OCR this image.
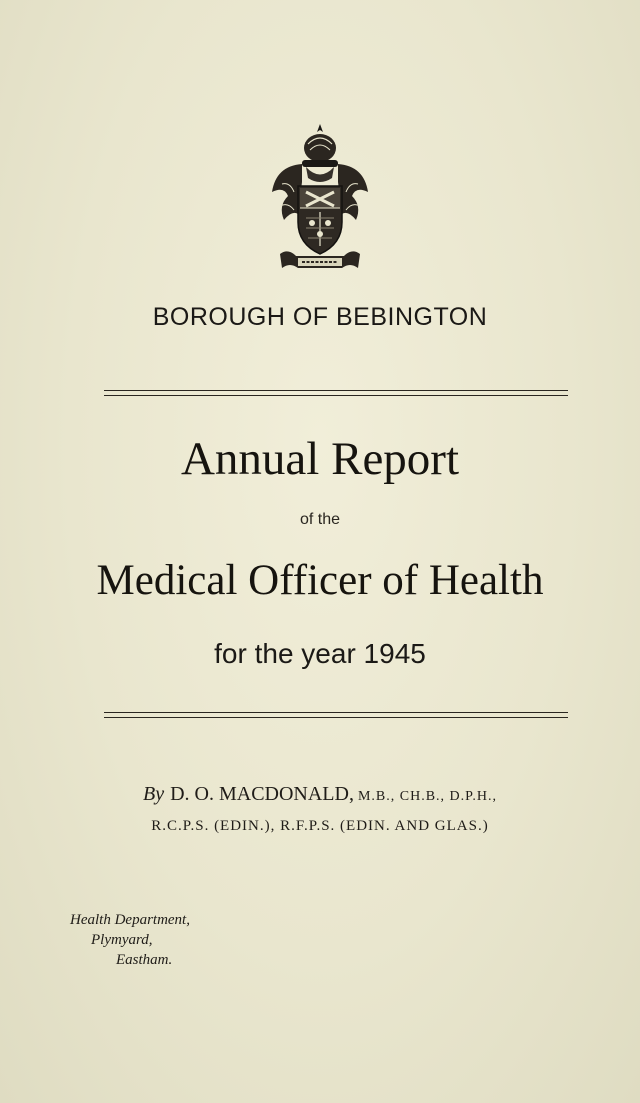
BOROUGH OF BEBINGTON
Annual Report
of the
Medical Officer of Health
for the year 1945
By D. O. MACDONALD, M.B., CH.B., D.P.H.,
R.C.P.S. (EDIN.), R.F.P.S. (EDIN. AND GLAS.)
Health Department,
Plymyard,
Eastham.
